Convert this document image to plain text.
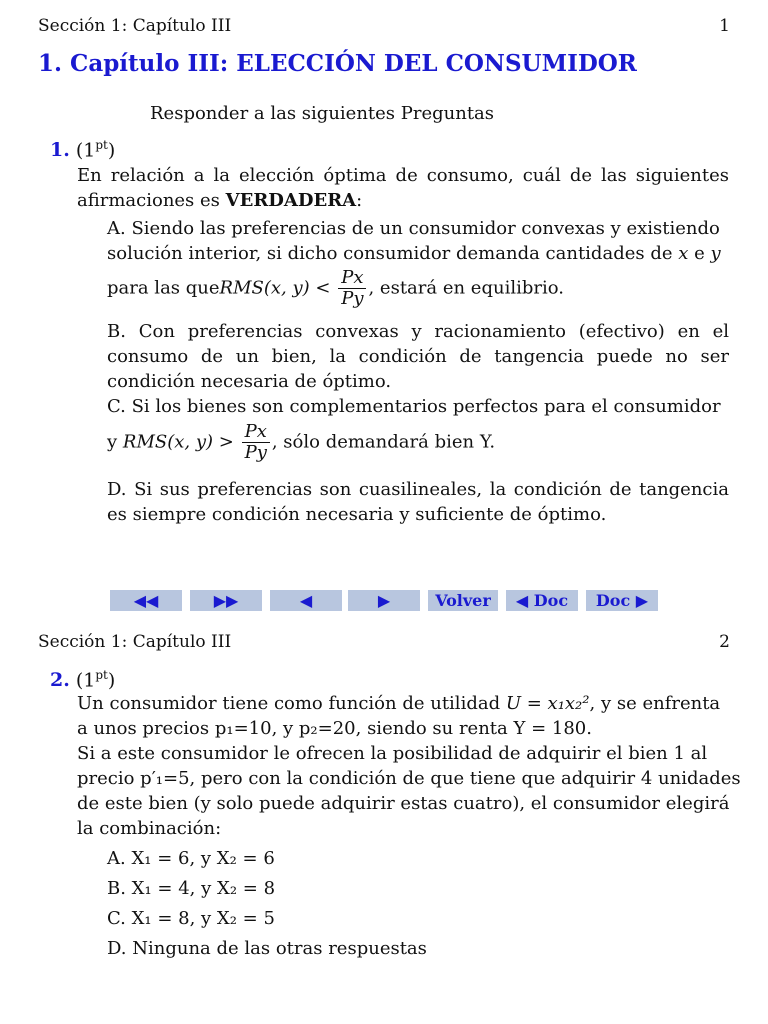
Sección 1: Capítulo III	1
1. Capítulo III: ELECCIÓN DEL CONSUMIDOR
Responder a las siguientes Preguntas
1. $(1^{pt})$
En relación a la elección óptima de consumo, cuál de las siguientes afirmaciones es VERDADERA:
A. Siendo las preferencias de un consumidor convexas y existiendo
solución interior, si dicho consumidor demanda cantidades de x e y
para las queRMS(x, $y) < \frac{Px}{Py}$ , estará en equilibrio.
B. Con preferencias convexas y racionamiento (efectivo) en el consumo de un bien, la condición de tangencia puede no ser condición necesaria de óptimo.
C. Si los bienes son complementarios perfectos para el consumidor
y RMS(x, $y) > \frac{Px}{Py}$ , sólo demandará bien Y.
D. Si sus preferencias son cuasilineales, la condición de tangencia es siempre condición necesaria y suficiente de óptimo.
◀◀	▶▶	◀	▶	Volver	◀ Doc	Doc ▶
Sección 1: Capítulo III	2
2. $(1^{pt})$
Un consumidor tiene como función de utilidad U = x₁x₂², y se enfrenta
a unos precios p₁=10, y p₂=20, siendo su renta Y = 180.
Si a este consumidor le ofrecen la posibilidad de adquirir el bien 1 al
precio p′₁=5, pero con la condición de que tiene que adquirir 4 unidades
de este bien (y solo puede adquirir estas cuatro), el consumidor elegirá
la combinación:
A. X₁ = 6, y X₂ = 6
B. X₁ = 4, y X₂ = 8
C. X₁ = 8, y X₂ = 5
D. Ninguna de las otras respuestas
